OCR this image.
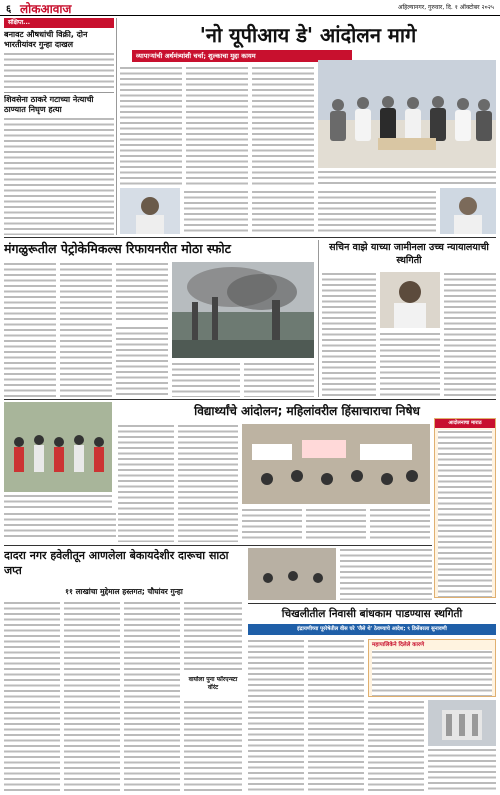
६ लोकआवाज	अहिल्यानगर, गुरुवार, दि. १ ऑक्टोबर २०२५
संक्षिप्त...
बनावट औषधांची विक्री, दोन भारतीयांवर गुन्हा दाखल
शिवसेना ठाकरे गटाच्या नेत्याची ठाण्यात निघृण हत्या
'नो यूपीआय डे' आंदोलन मागे
व्यापाऱ्यांची अर्थमंत्र्यांशी चर्चा; शुल्काचा मुद्दा कायम
मंगळुरूतील पेट्रोकेमिकल्स रिफायनरीत मोठा स्फोट	सचिन वाझे याच्या जामीनला उच्च न्यायालयाची स्थगिती
विद्यार्थ्यांचे आंदोलन; महिलांवरील हिंसाचाराचा निषेध
आदोलनाचा माराठ
दादरा नगर हवेलीतून आणलेला बेकायदेशीर दारूचा साठा जप्त
११ लाखांचा मुद्देमाल हस्तगत; चौघांवर गुन्हा
वायोला पुना फॉरएन्स्टा वॉरंट
चिखलीतील निवासी बांधकाम पाडण्यास स्थगिती
इंद्रायणीच्या पूररेषेतील वीस घरे 'जैसे थे' ठेवण्याचे आदेश; ९ डिसेंबरला सुनावणी
महापालिकेने दिलेले कारणे
